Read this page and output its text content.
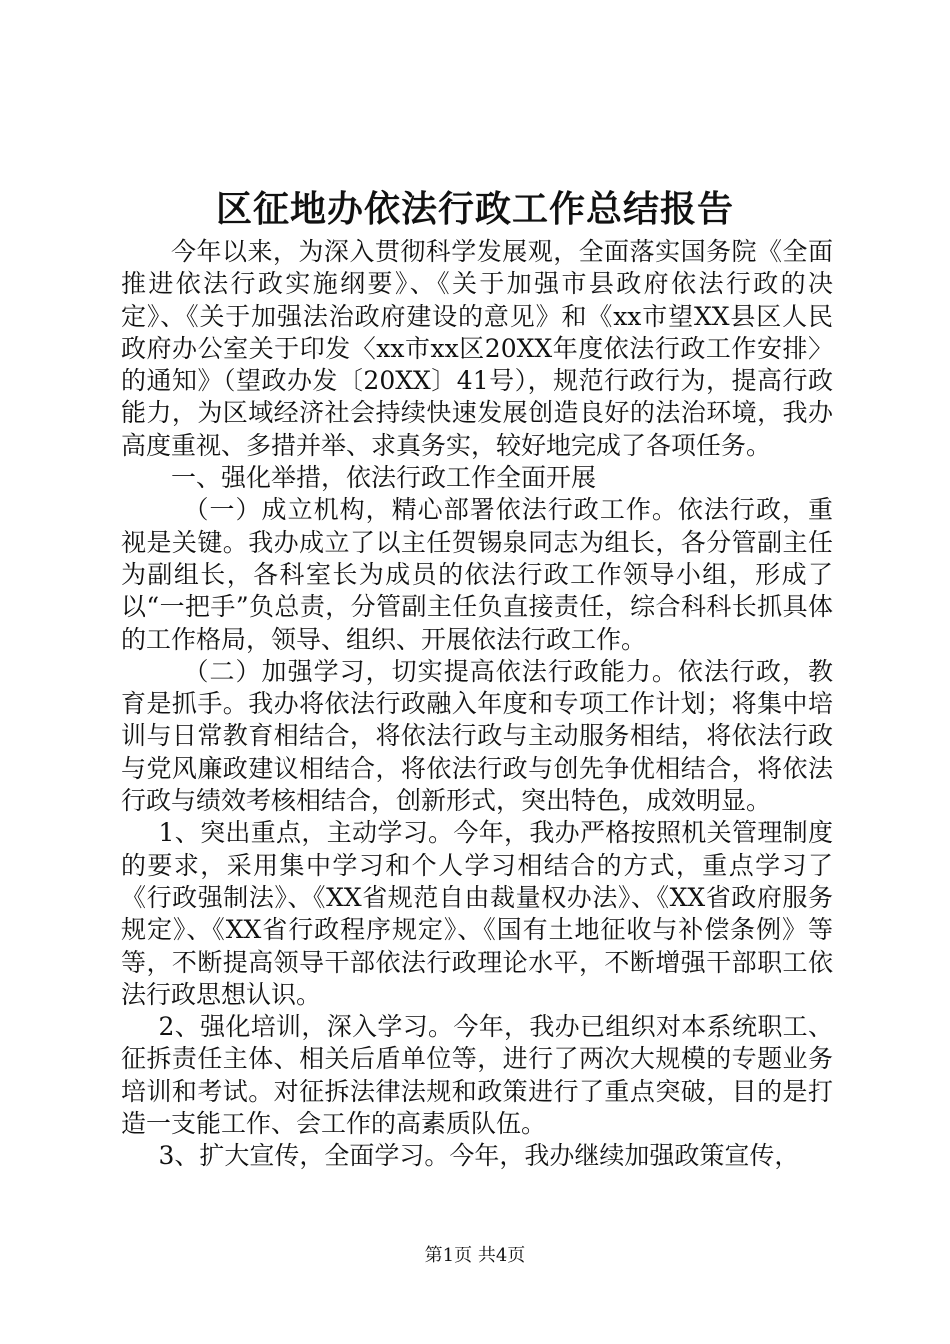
区征地办依法行政工作总结报告

今年以来，为深入贯彻科学发展观，全面落实国务院《全面推进依法行政实施纲要》、《关于加强市县政府依法行政的决定》、《关于加强法治政府建设的意见》和《xx市望XX县区人民政府办公室关于印发〈xx市xx区20XX年度依法行政工作安排〉的通知》（望政办发〔20XX〕41号），规范行政行为，提高行政能力，为区域经济社会持续快速发展创造良好的法治环境，我办高度重视、多措并举、求真务实，较好地完成了各项任务。

一、强化举措，依法行政工作全面开展

（一）成立机构，精心部署依法行政工作。依法行政，重视是关键。我办成立了以主任贺锡泉同志为组长，各分管副主任为副组长，各科室长为成员的依法行政工作领导小组，形成了以“一把手”负总责，分管副主任负直接责任，综合科科长抓具体的工作格局，领导、组织、开展依法行政工作。

（二）加强学习，切实提高依法行政能力。依法行政，教育是抓手。我办将依法行政融入年度和专项工作计划；将集中培训与日常教育相结合，将依法行政与主动服务相结，将依法行政与党风廉政建议相结合，将依法行政与创先争优相结合，将依法行政与绩效考核相结合，创新形式，突出特色，成效明显。

1、突出重点，主动学习。今年，我办严格按照机关管理制度的要求，采用集中学习和个人学习相结合的方式，重点学习了《行政强制法》、《XX省规范自由裁量权办法》、《XX省政府服务规定》、《XX省行政程序规定》、《国有土地征收与补偿条例》等等，不断提高领导干部依法行政理论水平，不断增强干部职工依法行政思想认识。

2、强化培训，深入学习。今年，我办已组织对本系统职工、征拆责任主体、相关后盾单位等，进行了两次大规模的专题业务培训和考试。对征拆法律法规和政策进行了重点突破，目的是打造一支能工作、会工作的高素质队伍。

3、扩大宣传，全面学习。今年，我办继续加强政策宣传，

第1页 共4页
